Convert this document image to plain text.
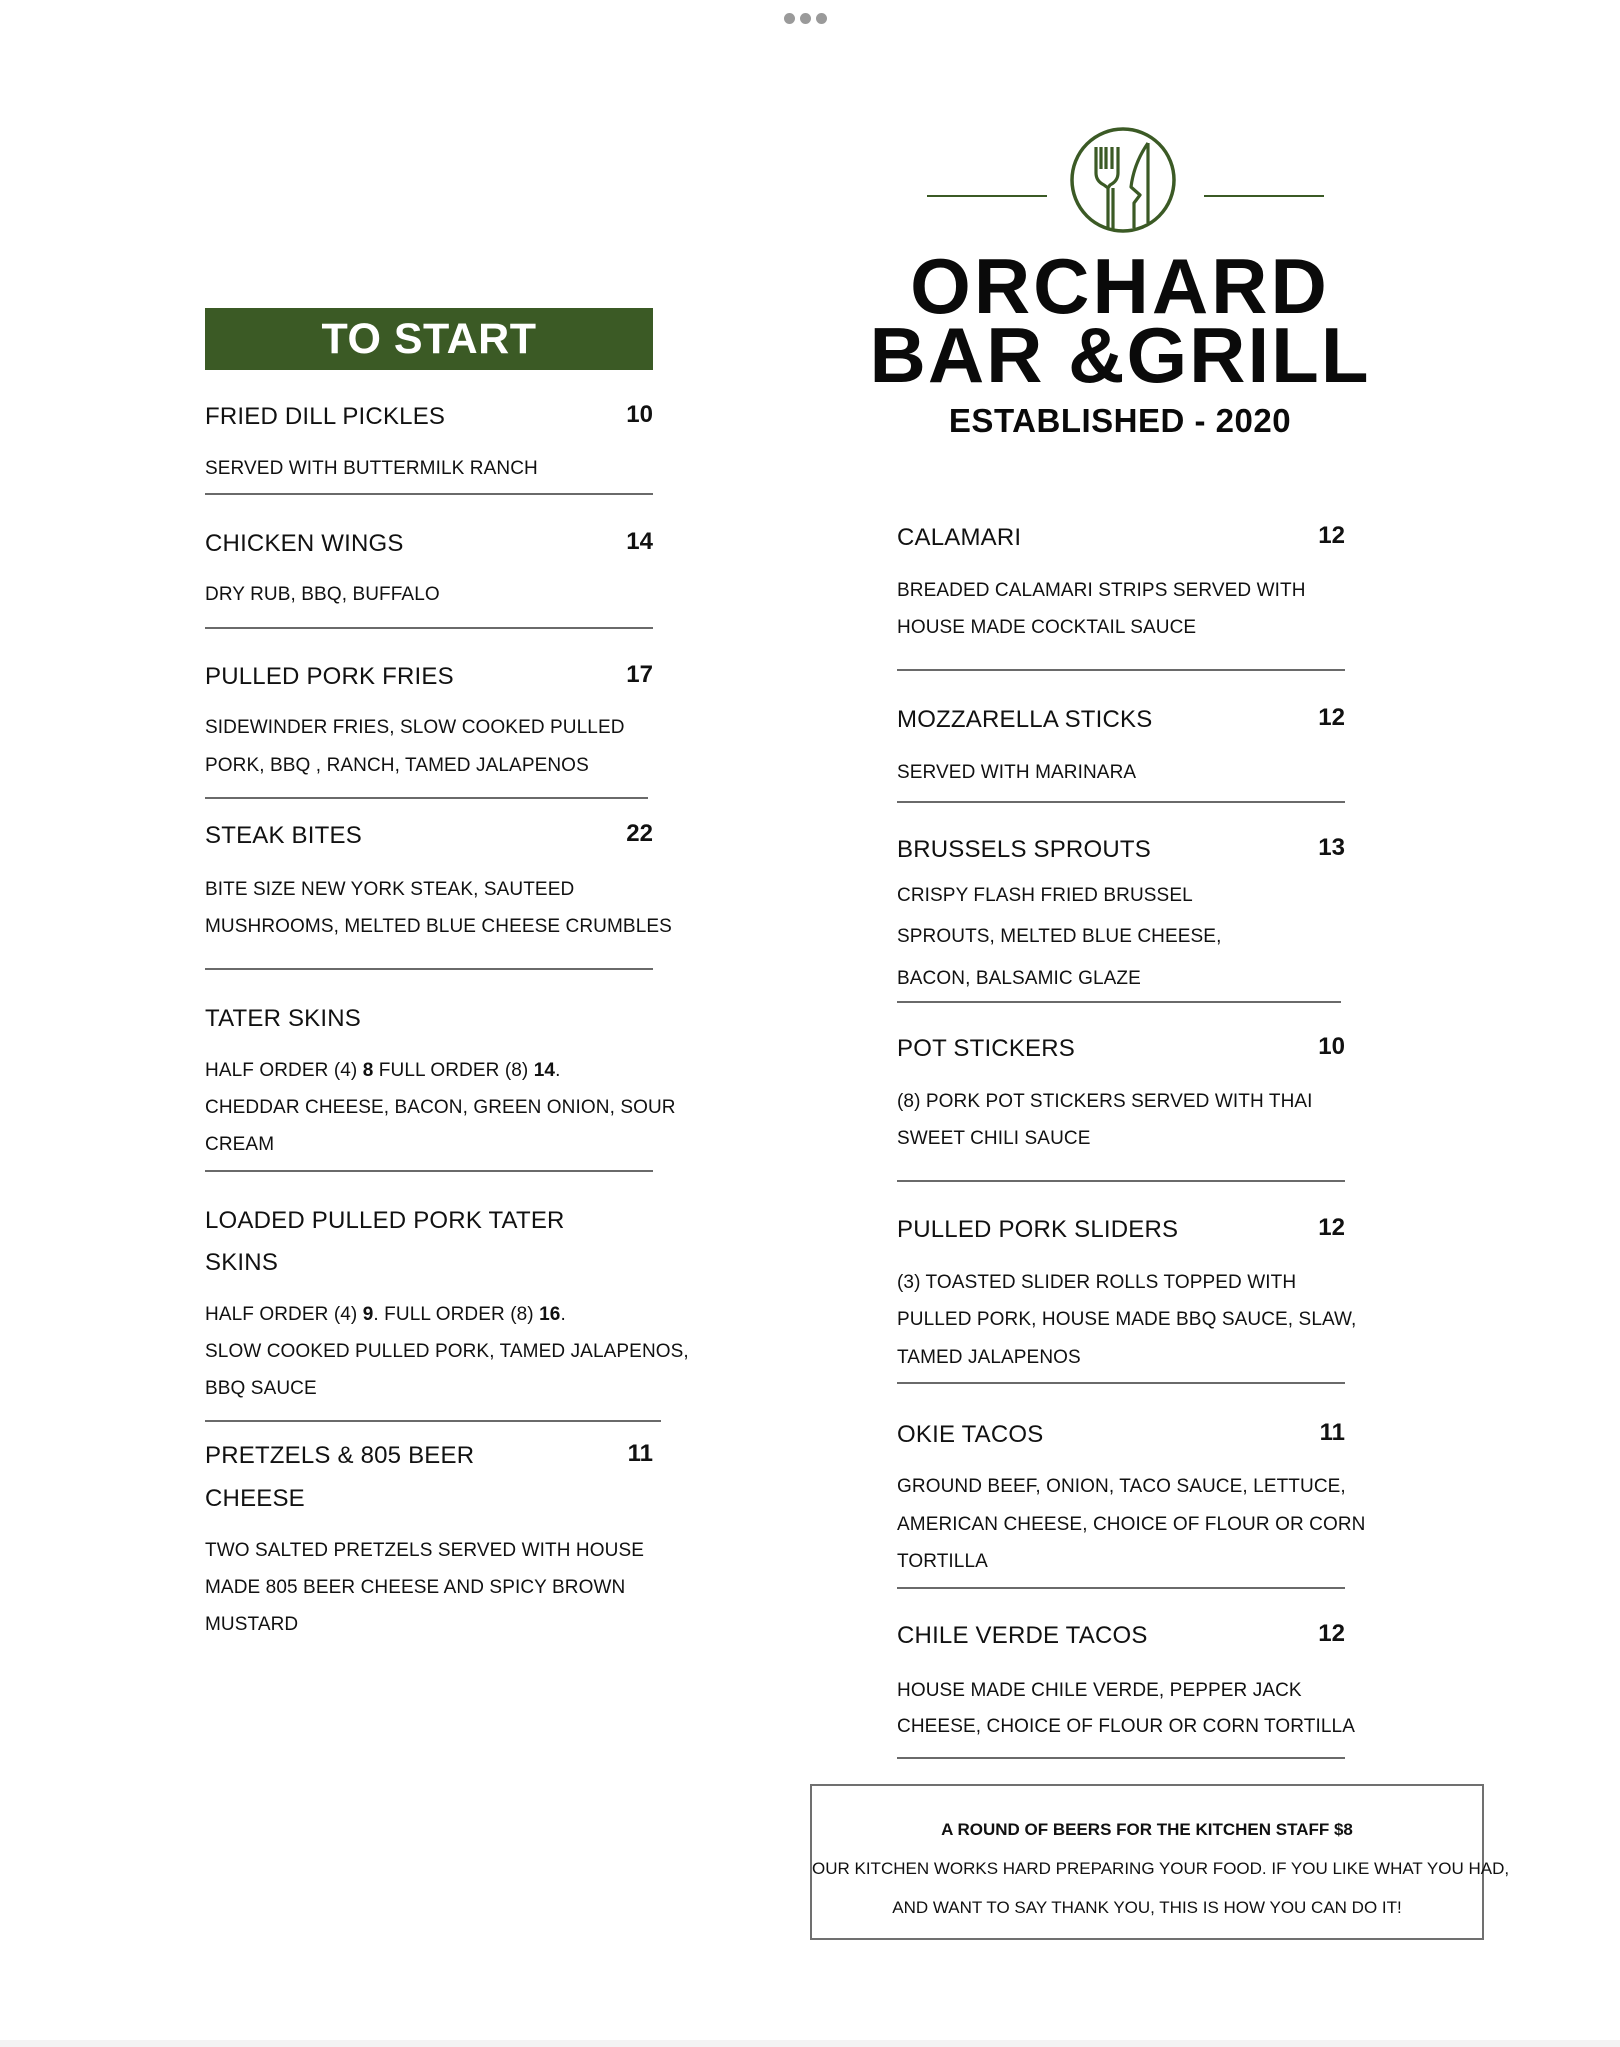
ORCHARD
BAR &GRILL
ESTABLISHED - 2020
TO START
FRIED DILL PICKLES	10
SERVED WITH BUTTERMILK RANCH
CHICKEN WINGS	14
DRY RUB, BBQ, BUFFALO
PULLED PORK FRIES	17
SIDEWINDER FRIES, SLOW COOKED PULLED
PORK, BBQ , RANCH, TAMED JALAPENOS
STEAK BITES	22
BITE SIZE NEW YORK STEAK, SAUTEED
MUSHROOMS, MELTED BLUE CHEESE CRUMBLES
TATER SKINS
HALF ORDER (4) 8 FULL ORDER (8) 14.
CHEDDAR CHEESE, BACON, GREEN ONION, SOUR
CREAM
LOADED PULLED PORK TATER
SKINS
HALF ORDER (4) 9. FULL ORDER (8) 16.
SLOW COOKED PULLED PORK, TAMED JALAPENOS,
BBQ SAUCE
PRETZELS & 805 BEER	11
CHEESE
TWO SALTED PRETZELS SERVED WITH HOUSE
MADE 805 BEER CHEESE AND SPICY BROWN
MUSTARD
CALAMARI	12
BREADED CALAMARI STRIPS SERVED WITH
HOUSE MADE COCKTAIL SAUCE
MOZZARELLA STICKS	12
SERVED WITH MARINARA
BRUSSELS SPROUTS	13
CRISPY FLASH FRIED BRUSSEL
SPROUTS, MELTED BLUE CHEESE,
BACON, BALSAMIC GLAZE
POT STICKERS	10
(8) PORK POT STICKERS SERVED WITH THAI
SWEET CHILI SAUCE
PULLED PORK SLIDERS	12
(3) TOASTED SLIDER ROLLS TOPPED WITH
PULLED PORK, HOUSE MADE BBQ SAUCE, SLAW,
TAMED JALAPENOS
OKIE TACOS	11
GROUND BEEF, ONION, TACO SAUCE, LETTUCE,
AMERICAN CHEESE, CHOICE OF FLOUR OR CORN
TORTILLA
CHILE VERDE TACOS	12
HOUSE MADE CHILE VERDE, PEPPER JACK
CHEESE, CHOICE OF FLOUR OR CORN TORTILLA
A ROUND OF BEERS FOR THE KITCHEN STAFF $8
OUR KITCHEN WORKS HARD PREPARING YOUR FOOD. IF YOU LIKE WHAT YOU HAD,
AND WANT TO SAY THANK YOU, THIS IS HOW YOU CAN DO IT!
